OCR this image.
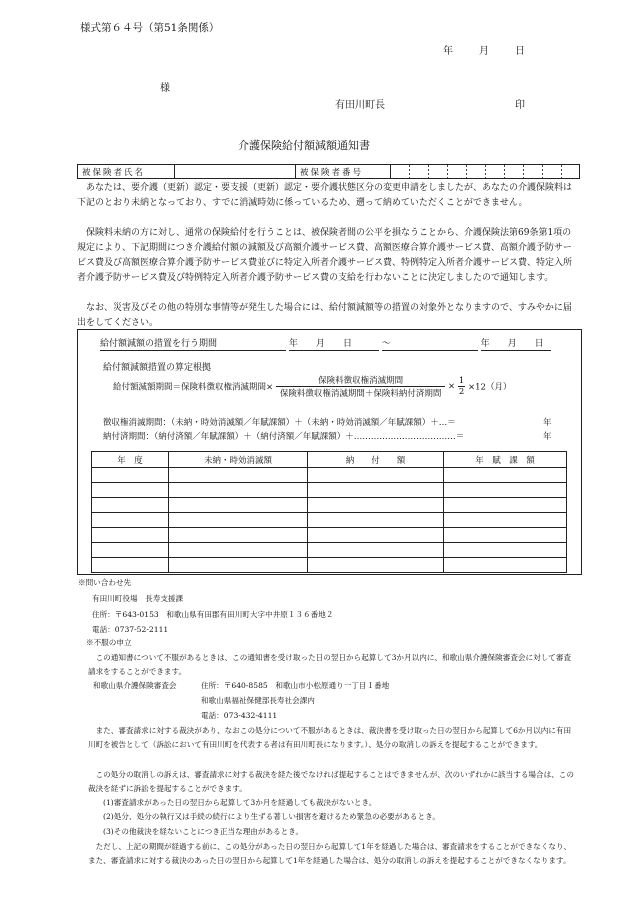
様式第６４号（第51条関係）
年	月	日
様
有田川町長	印
介護保険給付額減額通知書
被保険者氏名		被保険者番号	
あなたは、要介護（更新）認定・要支援（更新）認定・要介護状態区分の変更申請をしましたが、あなたの介護保険料は下記のとおり未納となっており、すでに消滅時効に係っているため、遡って納めていただくことができません。
保険料未納の方に対し、通常の保険給付を行うことは、被保険者間の公平を損なうことから、介護保険法第69条第1項の規定により、下記期間につき介護給付額の減額及び高額介護サービス費、高額医療合算介護サービス費、高額介護予防サービス費及び高額医療合算介護予防サービス費並びに特定入所者介護サービス費、特例特定入所者介護サービス費、特定入所者介護予防サービス費及び特例特定入所者介護予防サービス費の支給を行わないことに決定しましたので通知します。
なお、災害及びその他の特別な事情等が発生した場合には、給付額減額等の措置の対象外となりますので、すみやかに届出をしてください。
給付額減額の措置を行う期間	年　　 月　　 日	～	年　　 月　　 日
給付額減額措置の算定根拠
給付額減額期間＝保険料徴収権消滅期間× $\frac{\text{保険料徴収権消滅期間}}{\text{保険料徴収権消滅期間＋保険料納付済期間}} \times \frac{1}{2} \times 12$（月）
徴収権消滅期間：（未納・時効消滅額／年賦課額）＋（未納・時効消滅額／年賦課額）＋…＝	年
納付済期間：（納付済額／年賦課額）＋（納付済額／年賦課額）＋………………………………＝	年
年　度	未納・時効消滅額	納　　付　　額	年　賦　課　額

※問い合わせ先
有田川町役場　長寿支援課
住所：〒643-0153　和歌山県有田郡有田川町大字中井原１３６番地２
電話：0737-52-2111
※不服の申立
この通知書について不服があるときは、この通知書を受け取った日の翌日から起算して3か月以内に、和歌山県介護保険審査会に対して審査請求をすることができます。
和歌山県介護保険審査会	住所：〒640-8585　和歌山市小松原通り一丁目１番地
和歌山県福祉保健部長寿社会課内
電話：073-432-4111
また、審査請求に対する裁決があり、なおこの処分について不服があるときは、裁決書を受け取った日の翌日から起算して6か月以内に有田川町を被告として（訴訟において有田川町を代表する者は有田川町長になります。）、処分の取消しの訴えを提起することができます。
この処分の取消しの訴えは、審査請求に対する裁決を経た後でなければ提起することはできませんが、次のいずれかに該当する場合は、この裁決を経ずに訴訟を提起することができます。
(1)審査請求があった日の翌日から起算して3か月を経過しても裁決がないとき。
(2)処分、処分の執行又は手続の続行により生ずる著しい損害を避けるため緊急の必要があるとき。
(3)その他裁決を経ないことにつき正当な理由があるとき。
ただし、上記の期間が経過する前に、この処分があった日の翌日から起算して1年を経過した場合は、審査請求をすることができなくなり、また、審査請求に対する裁決のあった日の翌日から起算して1年を経過した場合は、処分の取消しの訴えを提起することができなくなります。
